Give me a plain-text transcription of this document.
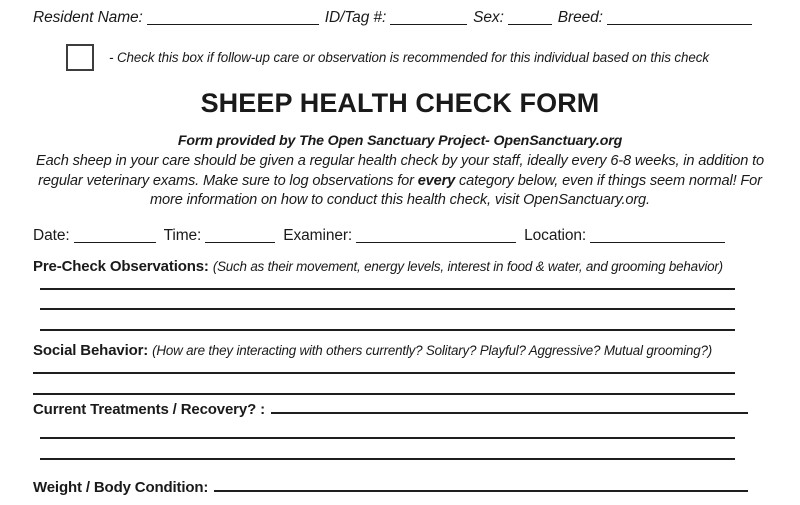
Resident Name:	ID/Tag #:	Sex:	Breed:
- Check this box if follow-up care or observation is recommended for this individual based on this check
SHEEP HEALTH CHECK FORM
Form provided by The Open Sanctuary Project- OpenSanctuary.org
Each sheep in your care should be given a regular health check by your staff, ideally every 6-8 weeks, in addition to regular veterinary exams. Make sure to log observations for every category below, even if things seem normal! For more information on how to conduct this health check, visit OpenSanctuary.org.
Date:	Time:	Examiner:	Location:
Pre-Check Observations: (Such as their movement, energy levels, interest in food & water, and grooming behavior)
Social Behavior: (How are they interacting with others currently? Solitary? Playful? Aggressive? Mutual grooming?)
Current Treatments / Recovery? :
Weight / Body Condition:
